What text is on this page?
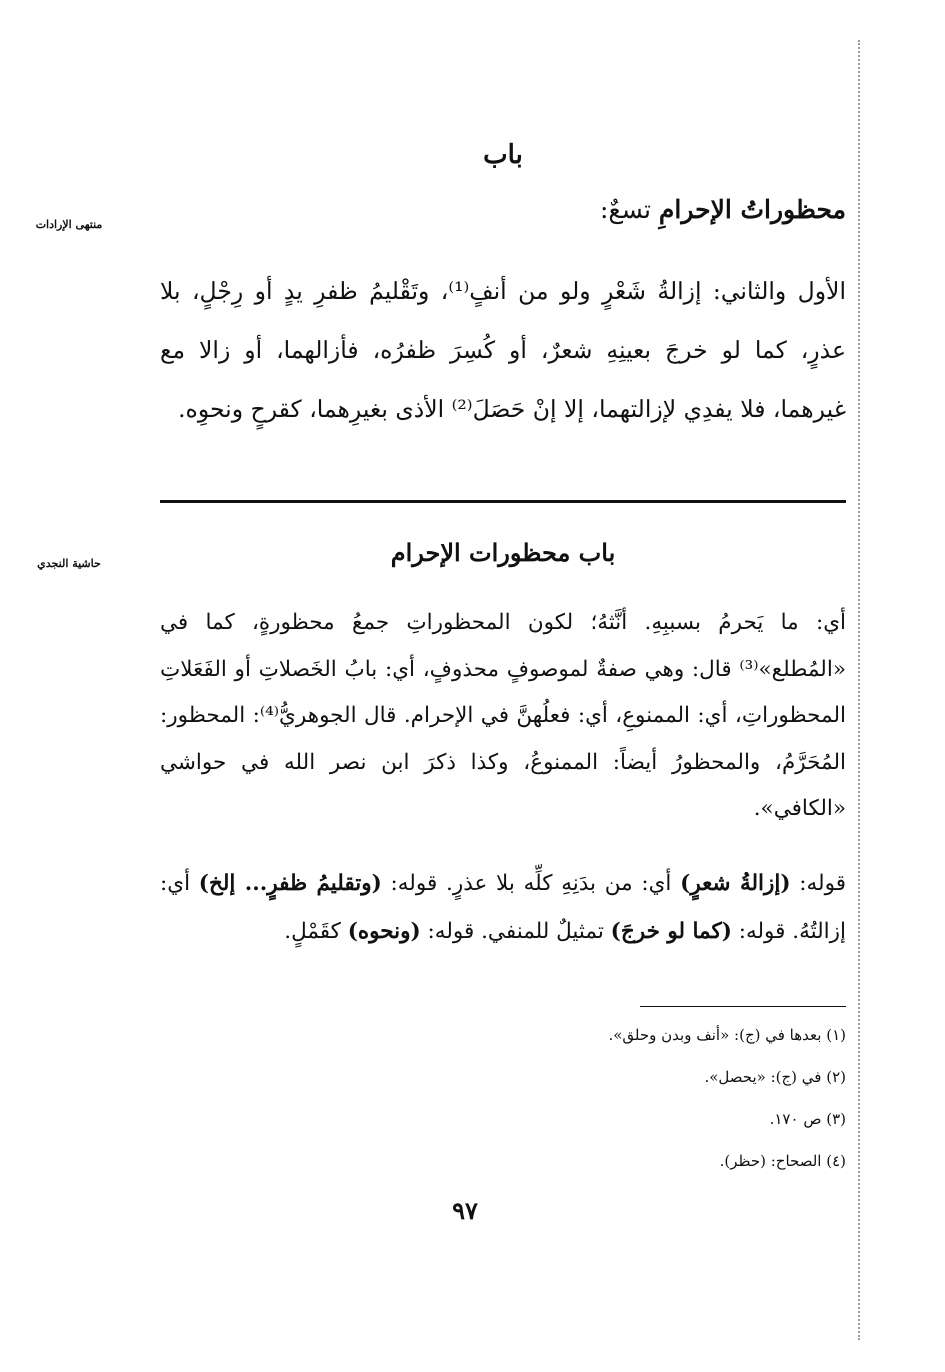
منتهى الإرادات
حاشية النجدي
باب
محظوراتُ الإحرامِ تسعٌ:
الأول والثاني: إزالةُ شَعْرٍ ولو من أنفٍ⁽¹⁾، وتَقْليمُ ظفرِ يدٍ أو رِجْلٍ، بلا عذرٍ، كما لو خرجَ بعينِهِ شعرٌ، أو كُسِرَ ظفرُه، فأزالهما، أو زالا مع غيرهما، فلا يفدِي لإزالتهما، إلا إنْ حَصَلَ⁽²⁾ الأذى بغيرِهما، كقرحٍ ونحوِه.
باب محظورات الإحرام
أي: ما يَحرمُ بسببِهِ. أنَّثهُ؛ لكون المحظوراتِ جمعُ محظورةٍ، كما في «المُطلع»⁽³⁾ قال: وهي صفةٌ لموصوفٍ محذوفٍ، أي: بابُ الخَصلاتِ أو الفَعَلاتِ المحظوراتِ، أي: الممنوعِ، أي: فعلُهنَّ في الإحرام. قال الجوهريُّ⁽⁴⁾: المحظور: المُحَرَّمُ، والمحظورُ أيضاً: الممنوعُ، وكذا ذكرَ ابن نصر الله في حواشي «الكافي».
قوله: (إزالةُ شعرٍ) أي: من بدَنِهِ كلِّه بلا عذرٍ. قوله: (وتقليمُ ظفرٍ... إلخ) أي: إزالتُهُ. قوله: (كما لو خرجَ) تمثيلٌ للمنفي. قوله: (ونحوه) كقَمْلٍ.
(١) بعدها في (ج): «أنف وبدن وحلق».
(٢) في (ج): «يحصل».
(٣) ص ١٧٠.
(٤) الصحاح: (حظر).
٩٧
